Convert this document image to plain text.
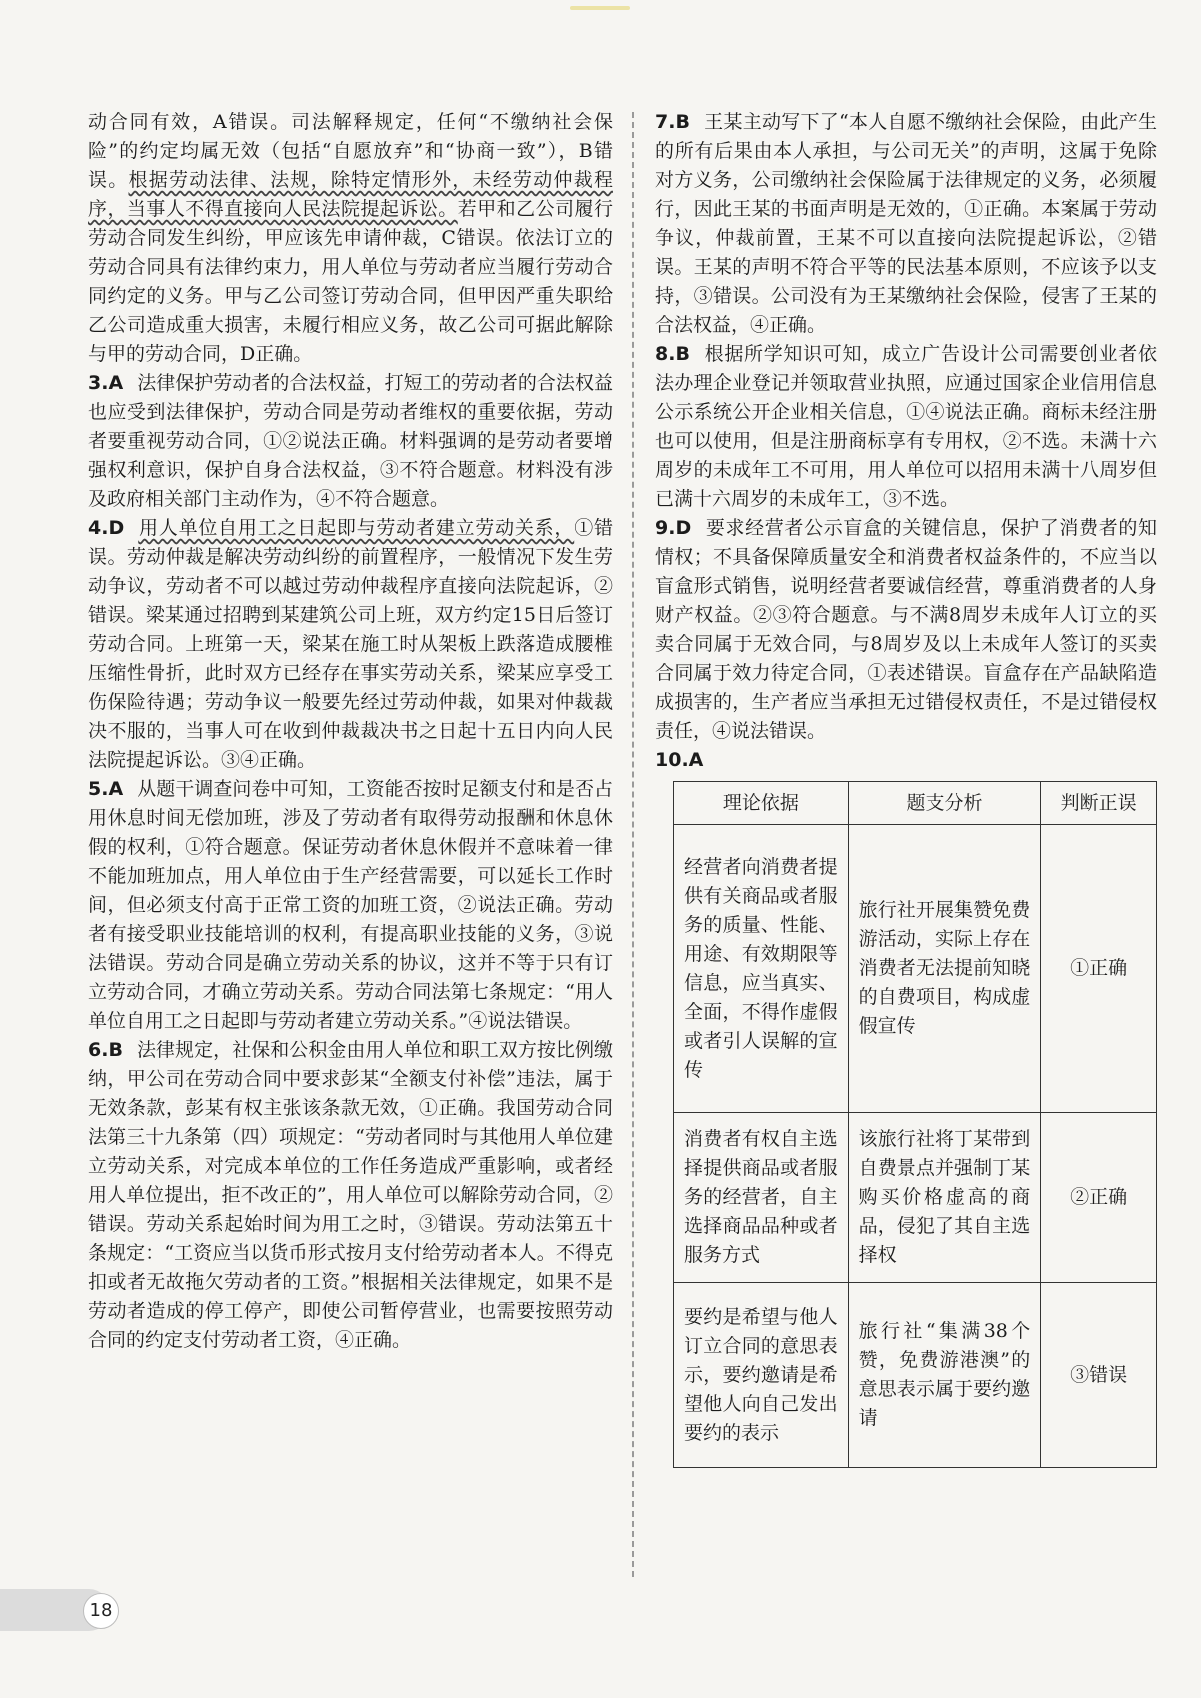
动合同有效，A错误。司法解释规定，任何“不缴纳社会保险”的约定均属无效（包括“自愿放弃”和“协商一致”），B错误。根据劳动法律、法规，除特定情形外，未经劳动仲裁程序，当事人不得直接向人民法院提起诉讼。若甲和乙公司履行劳动合同发生纠纷，甲应该先申请仲裁，C错误。依法订立的劳动合同具有法律约束力，用人单位与劳动者应当履行劳动合同约定的义务。甲与乙公司签订劳动合同，但甲因严重失职给乙公司造成重大损害，未履行相应义务，故乙公司可据此解除与甲的劳动合同，D正确。

3.A 法律保护劳动者的合法权益，打短工的劳动者的合法权益也应受到法律保护，劳动合同是劳动者维权的重要依据，劳动者要重视劳动合同，①②说法正确。材料强调的是劳动者要增强权利意识，保护自身合法权益，③不符合题意。材料没有涉及政府相关部门主动作为，④不符合题意。

4.D 用人单位自用工之日起即与劳动者建立劳动关系，①错误。劳动仲裁是解决劳动纠纷的前置程序，一般情况下发生劳动争议，劳动者不可以越过劳动仲裁程序直接向法院起诉，②错误。梁某通过招聘到某建筑公司上班，双方约定15日后签订劳动合同。上班第一天，梁某在施工时从架板上跌落造成腰椎压缩性骨折，此时双方已经存在事实劳动关系，梁某应享受工伤保险待遇；劳动争议一般要先经过劳动仲裁，如果对仲裁裁决不服的，当事人可在收到仲裁裁决书之日起十五日内向人民法院提起诉讼。③④正确。

5.A 从题干调查问卷中可知，工资能否按时足额支付和是否占用休息时间无偿加班，涉及了劳动者有取得劳动报酬和休息休假的权利，①符合题意。保证劳动者休息休假并不意味着一律不能加班加点，用人单位由于生产经营需要，可以延长工作时间，但必须支付高于正常工资的加班工资，②说法正确。劳动者有接受职业技能培训的权利，有提高职业技能的义务，③说法错误。劳动合同是确立劳动关系的协议，这并不等于只有订立劳动合同，才确立劳动关系。劳动合同法第七条规定：“用人单位自用工之日起即与劳动者建立劳动关系。”④说法错误。

6.B 法律规定，社保和公积金由用人单位和职工双方按比例缴纳，甲公司在劳动合同中要求彭某“全额支付补偿”违法，属于无效条款，彭某有权主张该条款无效，①正确。我国劳动合同法第三十九条第（四）项规定：“劳动者同时与其他用人单位建立劳动关系，对完成本单位的工作任务造成严重影响，或者经用人单位提出，拒不改正的”，用人单位可以解除劳动合同，②错误。劳动关系起始时间为用工之时，③错误。劳动法第五十条规定：“工资应当以货币形式按月支付给劳动者本人。不得克扣或者无故拖欠劳动者的工资。”根据相关法律规定，如果不是劳动者造成的停工停产，即使公司暂停营业，也需要按照劳动合同的约定支付劳动者工资，④正确。

7.B 王某主动写下了“本人自愿不缴纳社会保险，由此产生的所有后果由本人承担，与公司无关”的声明，这属于免除对方义务，公司缴纳社会保险属于法律规定的义务，必须履行，因此王某的书面声明是无效的，①正确。本案属于劳动争议，仲裁前置，王某不可以直接向法院提起诉讼，②错误。王某的声明不符合平等的民法基本原则，不应该予以支持，③错误。公司没有为王某缴纳社会保险，侵害了王某的合法权益，④正确。

8.B 根据所学知识可知，成立广告设计公司需要创业者依法办理企业登记并领取营业执照，应通过国家企业信用信息公示系统公开企业相关信息，①④说法正确。商标未经注册也可以使用，但是注册商标享有专用权，②不选。未满十六周岁的未成年工不可用，用人单位可以招用未满十八周岁但已满十六周岁的未成年工，③不选。

9.D 要求经营者公示盲盒的关键信息，保护了消费者的知情权；不具备保障质量安全和消费者权益条件的，不应当以盲盒形式销售，说明经营者要诚信经营，尊重消费者的人身财产权益。②③符合题意。与不满8周岁未成年人订立的买卖合同属于无效合同，与8周岁及以上未成年人签订的买卖合同属于效力待定合同，①表述错误。盲盒存在产品缺陷造成损害的，生产者应当承担无过错侵权责任，不是过错侵权责任，④说法错误。

10.A

理论依据	题支分析	判断正误
经营者向消费者提供有关商品或者服务的质量、性能、用途、有效期限等信息，应当真实、全面，不得作虚假或者引人误解的宣传	旅行社开展集赞免费游活动，实际上存在消费者无法提前知晓的自费项目，构成虚假宣传	①正确
消费者有权自主选择提供商品或者服务的经营者，自主选择商品品种或者服务方式	该旅行社将丁某带到自费景点并强制丁某购买价格虚高的商品，侵犯了其自主选择权	②正确
要约是希望与他人订立合同的意思表示，要约邀请是希望他人向自己发出要约的表示	旅行社“集满38个赞，免费游港澳”的意思表示属于要约邀请	③错误
18
